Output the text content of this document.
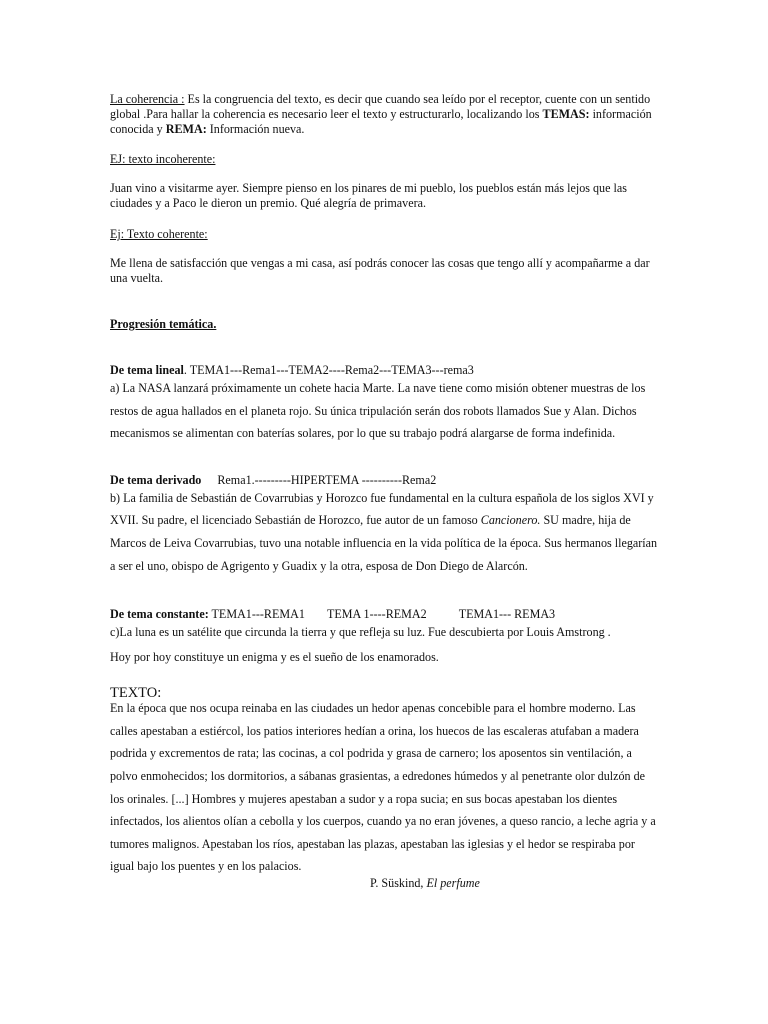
La coherencia : Es la congruencia del texto, es decir que cuando sea leído por el receptor, cuente con un sentido global .Para hallar la coherencia es necesario leer el texto y estructurarlo, localizando los TEMAS: información conocida y REMA: Información nueva.

EJ: texto incoherente:

Juan vino a visitarme ayer. Siempre pienso en los pinares de mi pueblo, los pueblos están más lejos que las ciudades y a Paco le dieron un premio. Qué alegría de primavera.

Ej: Texto coherente:

Me llena de satisfacción que vengas a mi casa, así podrás conocer las cosas que tengo allí y acompañarme a dar una vuelta.

Progresión temática.

De tema lineal. TEMA1---Rema1---TEMA2----Rema2---TEMA3---rema3

a) La NASA lanzará próximamente un cohete hacia Marte. La nave tiene como misión obtener muestras de los restos de agua hallados en el planeta rojo. Su única tripulación serán dos robots llamados Sue y Alan. Dichos mecanismos se alimentan con baterías solares, por lo que su trabajo podrá alargarse de forma indefinida.

De tema derivado Rema1.---------HIPERTEMA ----------Rema2

b) La familia de Sebastián de Covarrubias y Horozco fue fundamental en la cultura española de los siglos XVI y XVII. Su padre, el licenciado Sebastián de Horozco, fue autor de un famoso Cancionero. SU madre, hija de Marcos de Leiva Covarrubias, tuvo una notable influencia en la vida política de la época. Sus hermanos llegarían a ser el uno, obispo de Agrigento y Guadix y la otra, esposa de Don Diego de Alarcón.

De tema constante: TEMA1---REMA1 TEMA 1----REMA2	TEMA1--- REMA3

c)La luna es un satélite que circunda la tierra y que refleja su luz. Fue descubierta por Louis Amstrong .

Hoy por hoy constituye un enigma y es el sueño de los enamorados.

TEXTO:

En la época que nos ocupa reinaba en las ciudades un hedor apenas concebible para el hombre moderno. Las calles apestaban a estiércol, los patios interiores hedían a orina, los huecos de las escaleras atufaban a madera podrida y excrementos de rata; las cocinas, a col podrida y grasa de carnero; los aposentos sin ventilación, a polvo enmohecidos; los dormitorios, a sábanas grasientas, a edredones húmedos y al penetrante olor dulzón de los orinales. [...] Hombres y mujeres apestaban a sudor y a ropa sucia; en sus bocas apestaban los dientes infectados, los alientos olían a cebolla y los cuerpos, cuando ya no eran jóvenes, a queso rancio, a leche agria y a tumores malignos. Apestaban los ríos, apestaban las plazas, apestaban las iglesias y el hedor se respiraba por igual bajo los puentes y en los palacios.

P. Süskind, El perfume
